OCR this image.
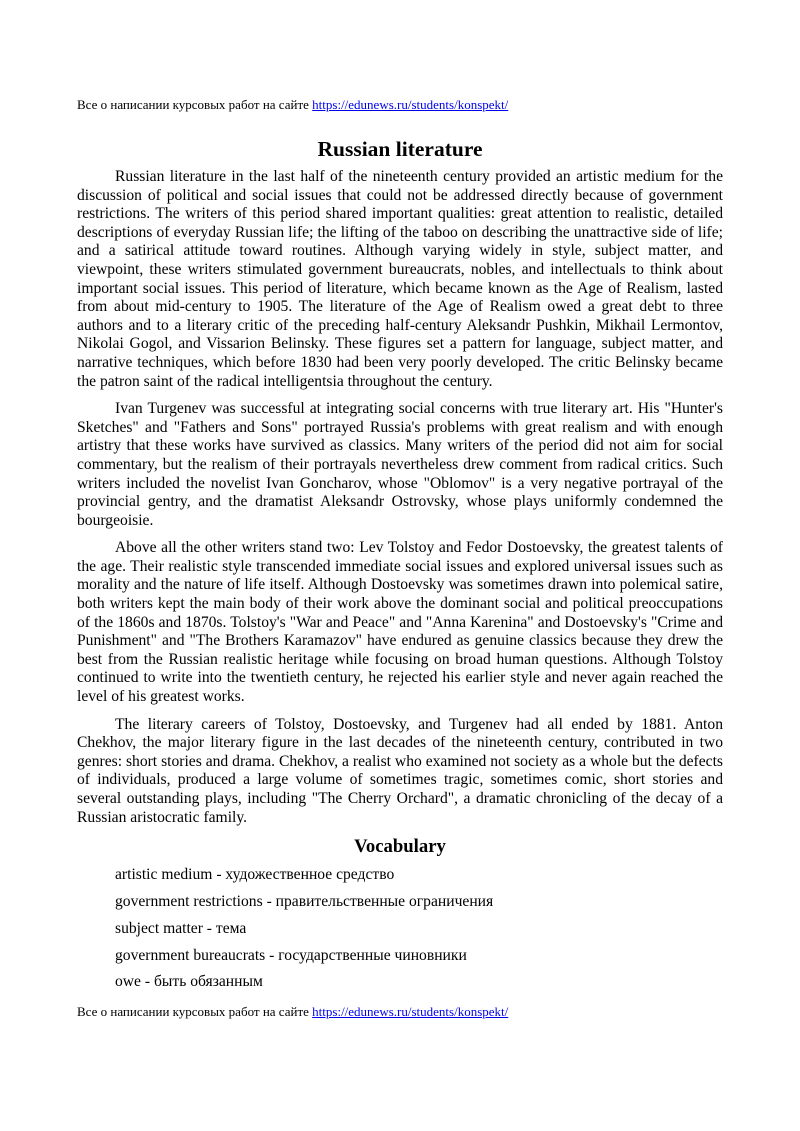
Все о написании курсовых работ на сайте https://edunews.ru/students/konspekt/
Russian literature

Russian literature in the last half of the nineteenth century provided an artistic medium for the discussion of political and social issues that could not be addressed directly because of government restrictions. The writers of this period shared important qualities: great attention to realistic, detailed descriptions of everyday Russian life; the lifting of the taboo on describing the unattractive side of life; and a satirical attitude toward routines. Although varying widely in style, subject matter, and viewpoint, these writers stimulated government bureaucrats, nobles, and intellectuals to think about important social issues. This period of literature, which became known as the Age of Realism, lasted from about mid-century to 1905. The literature of the Age of Realism owed a great debt to three authors and to a literary critic of the preceding half-century Aleksandr Pushkin, Mikhail Lermontov, Nikolai Gogol, and Vissarion Belinsky. These figures set a pattern for language, subject matter, and narrative techniques, which before 1830 had been very poorly developed. The critic Belinsky became the patron saint of the radical intelligentsia throughout the century.

Ivan Turgenev was successful at integrating social concerns with true literary art. His "Hunter's Sketches" and "Fathers and Sons" portrayed Russia's problems with great realism and with enough artistry that these works have survived as classics. Many writers of the period did not aim for social commentary, but the realism of their portrayals nevertheless drew comment from radical critics. Such writers included the novelist Ivan Goncharov, whose "Oblomov" is a very negative portrayal of the provincial gentry, and the dramatist Aleksandr Ostrovsky, whose plays uniformly condemned the bourgeoisie.

Above all the other writers stand two: Lev Tolstoy and Fedor Dostoevsky, the greatest talents of the age. Their realistic style transcended immediate social issues and explored universal issues such as morality and the nature of life itself. Although Dostoevsky was sometimes drawn into polemical satire, both writers kept the main body of their work above the dominant social and political preoccupations of the 1860s and 1870s. Tolstoy's "War and Peace" and "Anna Karenina" and Dostoevsky's "Crime and Punishment" and "The Brothers Karamazov" have endured as genuine classics because they drew the best from the Russian realistic heritage while focusing on broad human questions. Although Tolstoy continued to write into the twentieth century, he rejected his earlier style and never again reached the level of his greatest works.

The literary careers of Tolstoy, Dostoevsky, and Turgenev had all ended by 1881. Anton Chekhov, the major literary figure in the last decades of the nineteenth century, contributed in two genres: short stories and drama. Chekhov, a realist who examined not society as a whole but the defects of individuals, produced a large volume of sometimes tragic, sometimes comic, short stories and several outstanding plays, including "The Cherry Orchard", a dramatic chronicling of the decay of a Russian aristocratic family.

Vocabulary
artistic medium - художественное средство
government restrictions - правительственные ограничения
subject matter - тема
government bureaucrats - государственные чиновники
owe - быть обязанным
Все о написании курсовых работ на сайте https://edunews.ru/students/konspekt/
